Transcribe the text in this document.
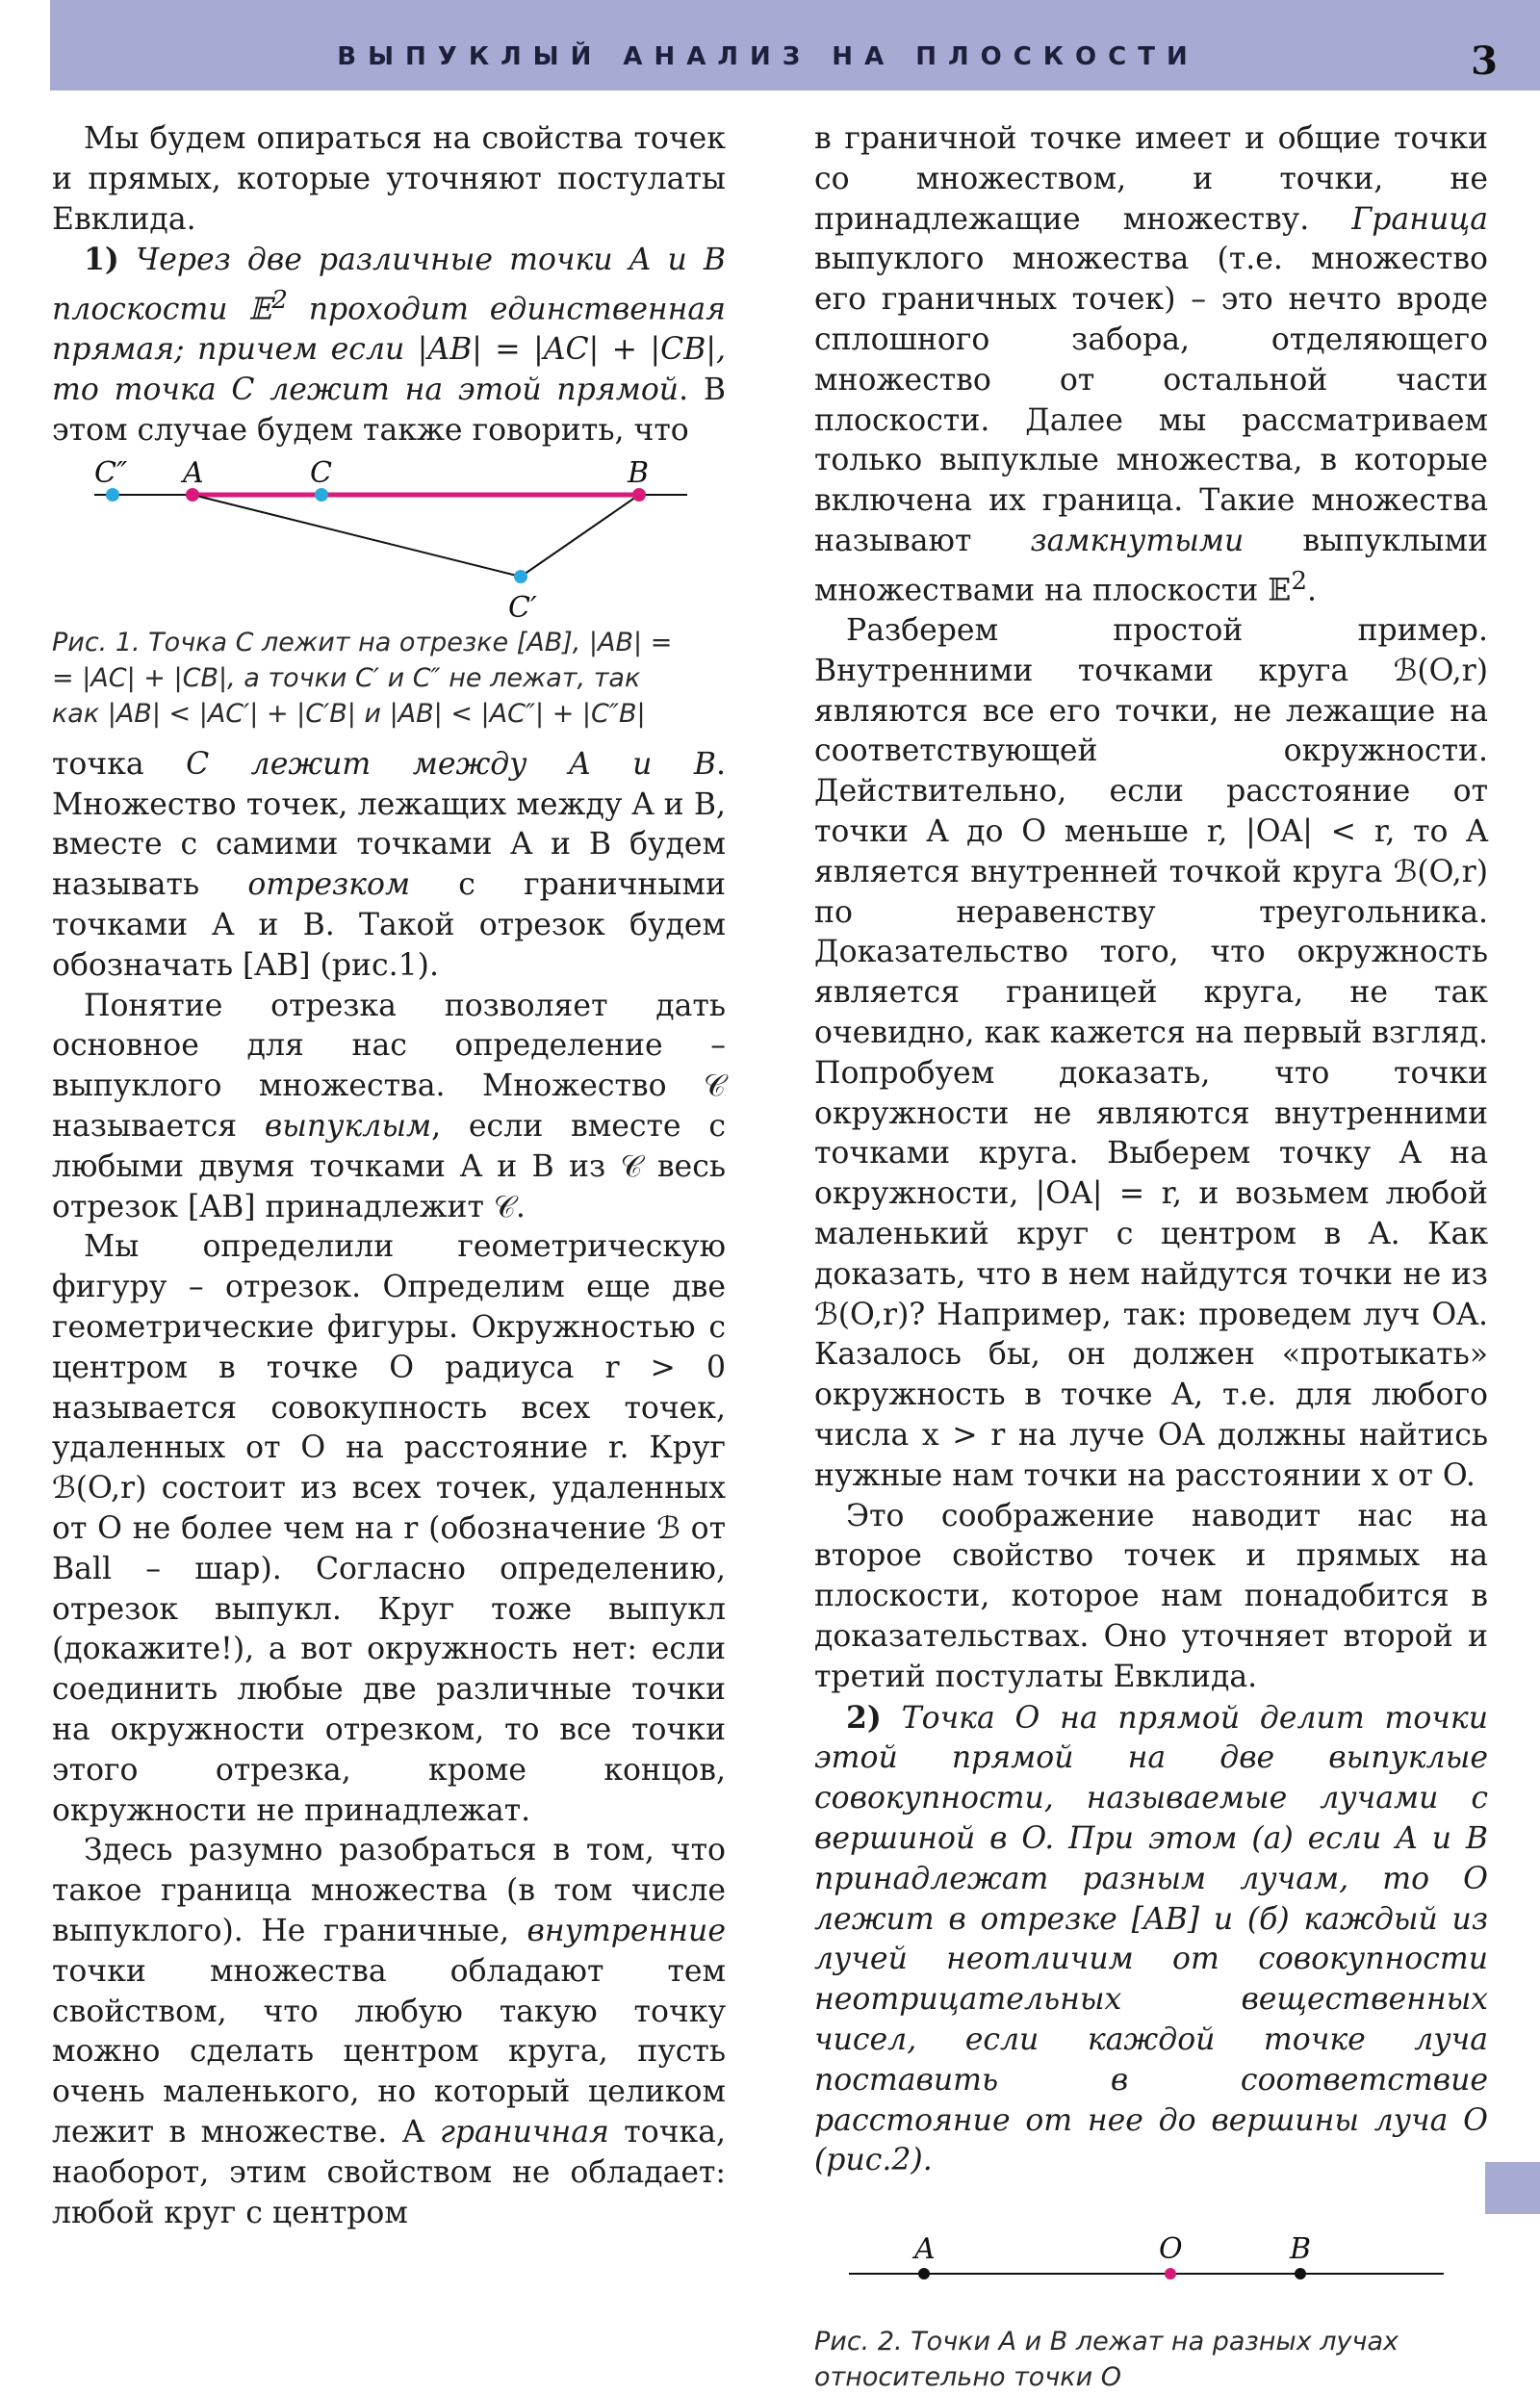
ВЫПУКЛЫЙ АНАЛИЗ НА ПЛОСКОСТИ	3

Мы будем опираться на свойства точек и прямых, которые уточняют постулаты Евклида.

1) Через две различные точки A и B плоскости 𝔼$^2$ проходит единственная прямая; причем если |AB| = |AC| + |CB|, то точка C лежит на этой прямой. В этом случае будем также говорить, что

C″ A	C	B
C′
Рис. 1. Точка C лежит на отрезке [AB], |AB| =
= |AC| + |CB|, а точки C′ и C″ не лежат, так
как |AB| < |AC′| + |C′B| и |AB| < |AC″| + |C″B|

точка C лежит между A и B. Множество точек, лежащих между A и B, вместе с самими точками A и B будем называть отрезком с граничными точками A и B. Такой отрезок будем обозначать [AB] (рис.1).

Понятие отрезка позволяет дать основное для нас определение – выпуклого множества. Множество 𝒞 называется выпуклым, если вместе с любыми двумя точками A и B из 𝒞 весь отрезок [AB] принадлежит 𝒞.

Мы определили геометрическую фигуру – отрезок. Определим еще две геометрические фигуры. Окружностью с центром в точке O радиуса r > 0 называется совокупность всех точек, удаленных от O на расстояние r. Круг ℬ(O,r) состоит из всех точек, удаленных от O не более чем на r (обозначение ℬ от Ball – шар). Согласно определению, отрезок выпукл. Круг тоже выпукл (докажите!), а вот окружность нет: если соединить любые две различные точки на окружности отрезком, то все точки этого отрезка, кроме концов, окружности не принадлежат.

Здесь разумно разобраться в том, что такое граница множества (в том числе выпуклого). Не граничные, внутренние точки множества обладают тем свойством, что любую такую точку можно сделать центром круга, пусть очень маленького, но который целиком лежит в множестве. А граничная точка, наоборот, этим свойством не обладает: любой круг с центром

в граничной точке имеет и общие точки со множеством, и точки, не принадлежащие множеству. Граница выпуклого множества (т.е. множество его граничных точек) – это нечто вроде сплошного забора, отделяющего множество от остальной части плоскости. Далее мы рассматриваем только выпуклые множества, в которые включена их граница. Такие множества называют замкнутыми выпуклыми множествами на плоскости 𝔼$^2$.

Разберем простой пример. Внутренними точками круга ℬ(O,r) являются все его точки, не лежащие на соответствующей окружности. Действительно, если расстояние от точки A до O меньше r, |OA| < r, то A является внутренней точкой круга ℬ(O,r) по неравенству треугольника. Доказательство того, что окружность является границей круга, не так очевидно, как кажется на первый взгляд. Попробуем доказать, что точки окружности не являются внутренними точками круга. Выберем точку A на окружности, |OA| = r, и возьмем любой маленький круг с центром в A. Как доказать, что в нем найдутся точки не из ℬ(O,r)? Например, так: проведем луч OA. Казалось бы, он должен «протыкать» окружность в точке A, т.е. для любого числа x > r на луче OA должны найтись нужные нам точки на расстоянии x от O.

Это соображение наводит нас на второе свойство точек и прямых на плоскости, которое нам понадобится в доказательствах. Оно уточняет второй и третий постулаты Евклида.

2) Точка O на прямой делит точки этой прямой на две выпуклые совокупности, называемые лучами с вершиной в O. При этом (а) если A и B принадлежат разным лучам, то O лежит в отрезке [AB] и (б) каждый из лучей неотличим от совокупности неотрицательных вещественных чисел, если каждой точке луча поставить в соответствие расстояние от нее до вершины луча O (рис.2).

A	O	B
Рис. 2. Точки A и B лежат на разных лучах относительно точки O
